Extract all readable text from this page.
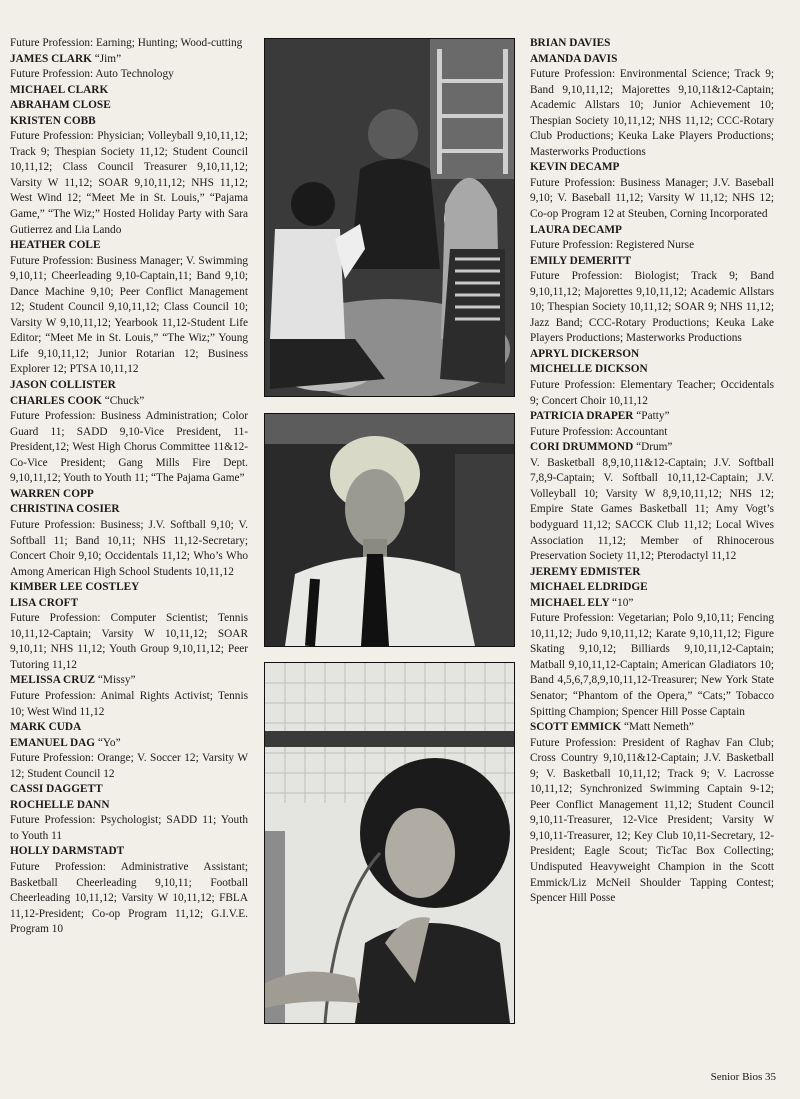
Future Profession: Earning; Hunting; Wood-cutting
JAMES CLARK “Jim”
Future Profession: Auto Technology
MICHAEL CLARK
ABRAHAM CLOSE
KRISTEN COBB
Future Profession: Physician; Volleyball 9,10,11,12; Track 9; Thespian Society 11,12; Student Council 10,11,12; Class Council Treasurer 9,10,11,12; Varsity W 11,12; SOAR 9,10,11,12; NHS 11,12; West Wind 12; “Meet Me in St. Louis,” “Pajama Game,” “The Wiz;” Hosted Holiday Party with Sara Gutierrez and Lia Lando
HEATHER COLE
Future Profession: Business Manager; V. Swimming 9,10,11; Cheerleading 9,10-Captain,11; Band 9,10; Dance Machine 9,10; Peer Conflict Management 12; Student Council 9,10,11,12; Class Council 10; Varsity W 9,10,11,12; Yearbook 11,12-Student Life Editor; “Meet Me in St. Louis,” “The Wiz;” Young Life 9,10,11,12; Junior Rotarian 12; Business Explorer 12; PTSA 10,11,12
JASON COLLISTER
CHARLES COOK “Chuck”
Future Profession: Business Administration; Color Guard 11; SADD 9,10-Vice President, 11-President,12; West High Chorus Committee 11&12-Co-Vice President; Gang Mills Fire Dept. 9,10,11,12; Youth to Youth 11; “The Pajama Game”
WARREN COPP
CHRISTINA COSIER
Future Profession: Business; J.V. Softball 9,10; V. Softball 11; Band 10,11; NHS 11,12-Secretary; Concert Choir 9,10; Occidentals 11,12; Who’s Who Among American High School Students 10,11,12
KIMBER LEE COSTLEY
LISA CROFT
Future Profession: Computer Scientist; Tennis 10,11,12-Captain; Varsity W 10,11,12; SOAR 9,10,11; NHS 11,12; Youth Group 9,10,11,12; Peer Tutoring 11,12
MELISSA CRUZ “Missy”
Future Profession: Animal Rights Activist; Tennis 10; West Wind 11,12
MARK CUDA
EMANUEL DAG “Yo”
Future Profession: Orange; V. Soccer 12; Varsity W 12; Student Council 12
CASSI DAGGETT
ROCHELLE DANN
Future Profession: Psychologist; SADD 11; Youth to Youth 11
HOLLY DARMSTADT
Future Profession: Administrative Assistant; Basketball Cheerleading 9,10,11; Football Cheerleading 10,11,12; Varsity W 10,11,12; FBLA 11,12-President; Co-op Program 11,12; G.I.V.E. Program 10
BRIAN DAVIES
AMANDA DAVIS
Future Profession: Environmental Science; Track 9; Band 9,10,11,12; Majorettes 9,10,11&12-Captain; Academic Allstars 10; Junior Achievement 10; Thespian Society 10,11,12; NHS 11,12; CCC-Rotary Club Productions; Keuka Lake Players Productions; Masterworks Productions
KEVIN DECAMP
Future Profession: Business Manager; J.V. Baseball 9,10; V. Baseball 11,12; Varsity W 11,12; NHS 12; Co-op Program 12 at Steuben, Corning Incorporated
LAURA DECAMP
Future Profession: Registered Nurse
EMILY DEMERITT
Future Profession: Biologist; Track 9; Band 9,10,11,12; Majorettes 9,10,11,12; Academic Allstars 10; Thespian Society 10,11,12; SOAR 9; NHS 11,12; Jazz Band; CCC-Rotary Productions; Keuka Lake Players Productions; Masterworks Productions
APRYL DICKERSON
MICHELLE DICKSON
Future Profession: Elementary Teacher; Occidentals 9; Concert Choir 10,11,12
PATRICIA DRAPER “Patty”
Future Profession: Accountant
CORI DRUMMOND “Drum”
V. Basketball 8,9,10,11&12-Captain; J.V. Softball 7,8,9-Captain; V. Softball 10,11,12-Captain; J.V. Volleyball 10; Varsity W 8,9,10,11,12; NHS 12; Empire State Games Basketball 11; Amy Vogt’s bodyguard 11,12; SACCK Club 11,12; Local Wives Association 11,12; Member of Rhinocerous Preservation Society 11,12; Pterodactyl 11,12
JEREMY EDMISTER
MICHAEL ELDRIDGE
MICHAEL ELY “10”
Future Profession: Vegetarian; Polo 9,10,11; Fencing 10,11,12; Judo 9,10,11,12; Karate 9,10,11,12; Figure Skating 9,10,12; Billiards 9,10,11,12-Captain; Matball 9,10,11,12-Captain; American Gladiators 10; Band 4,5,6,7,8,9,10,11,12-Treasurer; New York State Senator; “Phantom of the Opera,” “Cats;” Tobacco Spitting Champion; Spencer Hill Posse Captain
SCOTT EMMICK “Matt Nemeth”
Future Profession: President of Raghav Fan Club; Cross Country 9,10,11&12-Captain; J.V. Basketball 9; V. Basketball 10,11,12; Track 9; V. Lacrosse 10,11,12; Synchronized Swimming Captain 9-12; Peer Conflict Management 11,12; Student Council 9,10,11-Treasurer, 12-Vice President; Varsity W 9,10,11-Treasurer, 12; Key Club 10,11-Secretary, 12-President; Eagle Scout; TicTac Box Collecting; Undisputed Heavyweight Champion in the Scott Emmick/Liz McNeil Shoulder Tapping Contest; Spencer Hill Posse
Senior Bios 35
